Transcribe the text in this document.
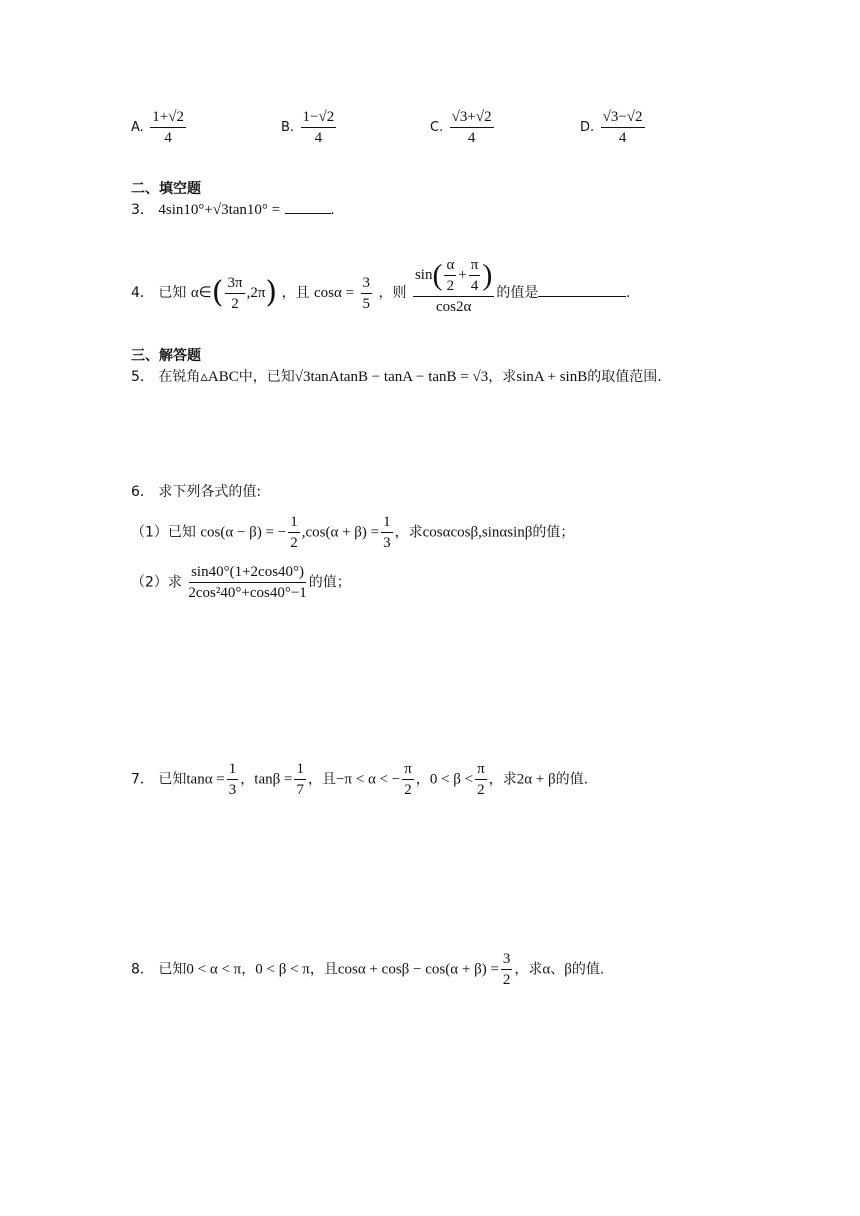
A. $\frac{1+√2}{4}$	B. $\frac{1-√2}{4}$	C. $\frac{√3+√2}{4}$	D. $\frac{√3-√2}{4}$
二、填空题
3． 4sin10°+√3tan10° =	.
4． 已知 α∈( $\frac{3\pi}{2} ,2\pi$) ，且 $\cos\alpha = \frac{3}{5}$ ，则 $\frac{\sin( \frac{\alpha}{2} + \frac{\pi}{4} )}{\cos 2\alpha}$ 的值是	.
三、解答题
5． 在锐角▵ABC中，已知√3tanAtanB − tanA − tanB = √3，求sinA + sinB的取值范围.
6． 求下列各式的值:
（1）已知 cos(α − β) = − $\frac{1}{2} ,\cos(\alpha + \beta) = \frac{1}{3}$ ，求cosαcosβ,sinαsinβ的值；
（2）求 $\frac{\sin 40^\circ(1+2\cos 40^\circ)}{\text{2cos²40°+cos40°−1}}$ 的值；
7． 已知$\tan\alpha = \frac{1}{3}$ ，$\tan\beta = \frac{1}{7}$ ，且−π < α < − $\frac{\pi}{2}$ ，$0 < \beta < \frac{\pi}{2}$ ，求2α + β的值.
8． 已知0 < α < π，0 < β < π，且$\cos\alpha + \cos\beta - \cos(\alpha + \beta) = \frac{3}{2}$ ，求α、β的值.
